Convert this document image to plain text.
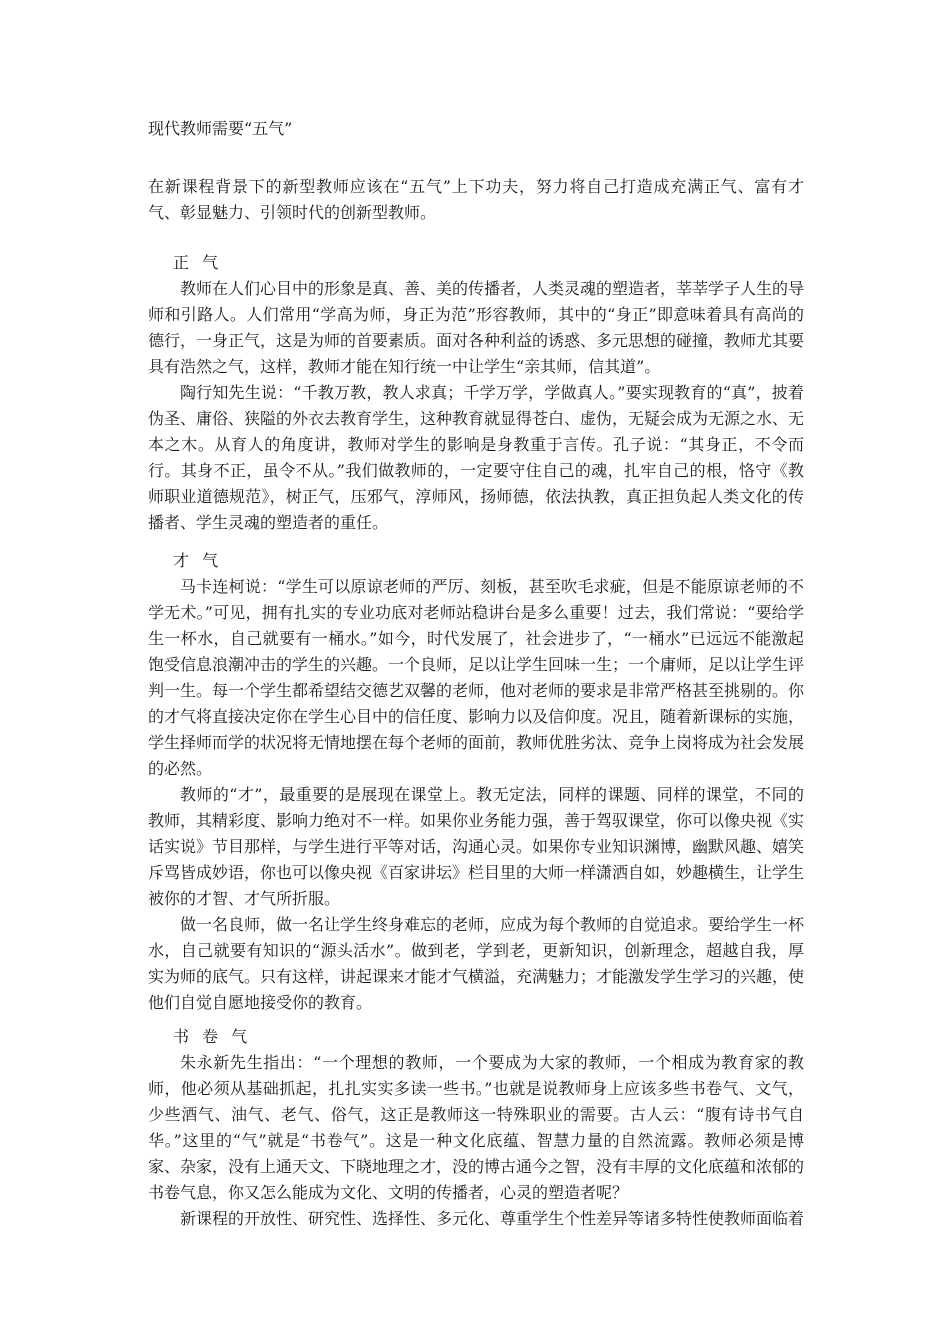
现代教师需要“五气”
在新课程背景下的新型教师应该在“五气”上下功夫，努力将自己打造成充满正气、富有才气、彰显魅力、引领时代的创新型教师。
正 气

教师在人们心目中的形象是真、善、美的传播者，人类灵魂的塑造者，莘莘学子人生的导师和引路人。人们常用“学高为师，身正为范”形容教师，其中的“身正”即意味着具有高尚的德行，一身正气，这是为师的首要素质。面对各种利益的诱惑、多元思想的碰撞，教师尤其要具有浩然之气，这样，教师才能在知行统一中让学生“亲其师，信其道”。

陶行知先生说：“千教万教，教人求真；千学万学，学做真人。”要实现教育的“真”，披着伪圣、庸俗、狭隘的外衣去教育学生，这种教育就显得苍白、虚伪，无疑会成为无源之水、无本之木。从育人的角度讲，教师对学生的影响是身教重于言传。孔子说：“其身正，不令而行。其身不正，虽令不从。”我们做教师的，一定要守住自己的魂，扎牢自己的根，恪守《教师职业道德规范》，树正气，压邪气，淳师风，扬师德，依法执教，真正担负起人类文化的传播者、学生灵魂的塑造者的重任。

才 气

马卡连柯说：“学生可以原谅老师的严厉、刻板，甚至吹毛求疵，但是不能原谅老师的不学无术。”可见，拥有扎实的专业功底对老师站稳讲台是多么重要！过去，我们常说：“要给学生一杯水，自己就要有一桶水。”如今，时代发展了，社会进步了，“一桶水”已远远不能激起饱受信息浪潮冲击的学生的兴趣。一个良师，足以让学生回味一生；一个庸师，足以让学生评判一生。每一个学生都希望结交德艺双馨的老师，他对老师的要求是非常严格甚至挑剔的。你的才气将直接决定你在学生心目中的信任度、影响力以及信仰度。况且，随着新课标的实施，学生择师而学的状况将无情地摆在每个老师的面前，教师优胜劣汰、竞争上岗将成为社会发展的必然。

教师的“才”，最重要的是展现在课堂上。教无定法，同样的课题、同样的课堂，不同的教师，其精彩度、影响力绝对不一样。如果你业务能力强，善于驾驭课堂，你可以像央视《实话实说》节目那样，与学生进行平等对话，沟通心灵。如果你专业知识渊博，幽默风趣、嬉笑斥骂皆成妙语，你也可以像央视《百家讲坛》栏目里的大师一样潇洒自如，妙趣横生，让学生被你的才智、才气所折服。

做一名良师，做一名让学生终身难忘的老师，应成为每个教师的自觉追求。要给学生一杯水，自己就要有知识的“源头活水”。做到老，学到老，更新知识，创新理念，超越自我，厚实为师的底气。只有这样，讲起课来才能才气横溢，充满魅力；才能激发学生学习的兴趣，使他们自觉自愿地接受你的教育。

书 卷 气

朱永新先生指出：“一个理想的教师，一个要成为大家的教师，一个相成为教育家的教师，他必须从基础抓起，扎扎实实多读一些书。”也就是说教师身上应该多些书卷气、文气，少些酒气、油气、老气、俗气，这正是教师这一特殊职业的需要。古人云：“腹有诗书气自华。”这里的“气”就是“书卷气”。这是一种文化底蕴、智慧力量的自然流露。教师必须是博家、杂家，没有上通天文、下晓地理之才，没的博古通今之智，没有丰厚的文化底蕴和浓郁的书卷气息，你又怎么能成为文化、文明的传播者，心灵的塑造者呢？

新课程的开放性、研究性、选择性、多元化、尊重学生个性差异等诸多特性使教师面临着
